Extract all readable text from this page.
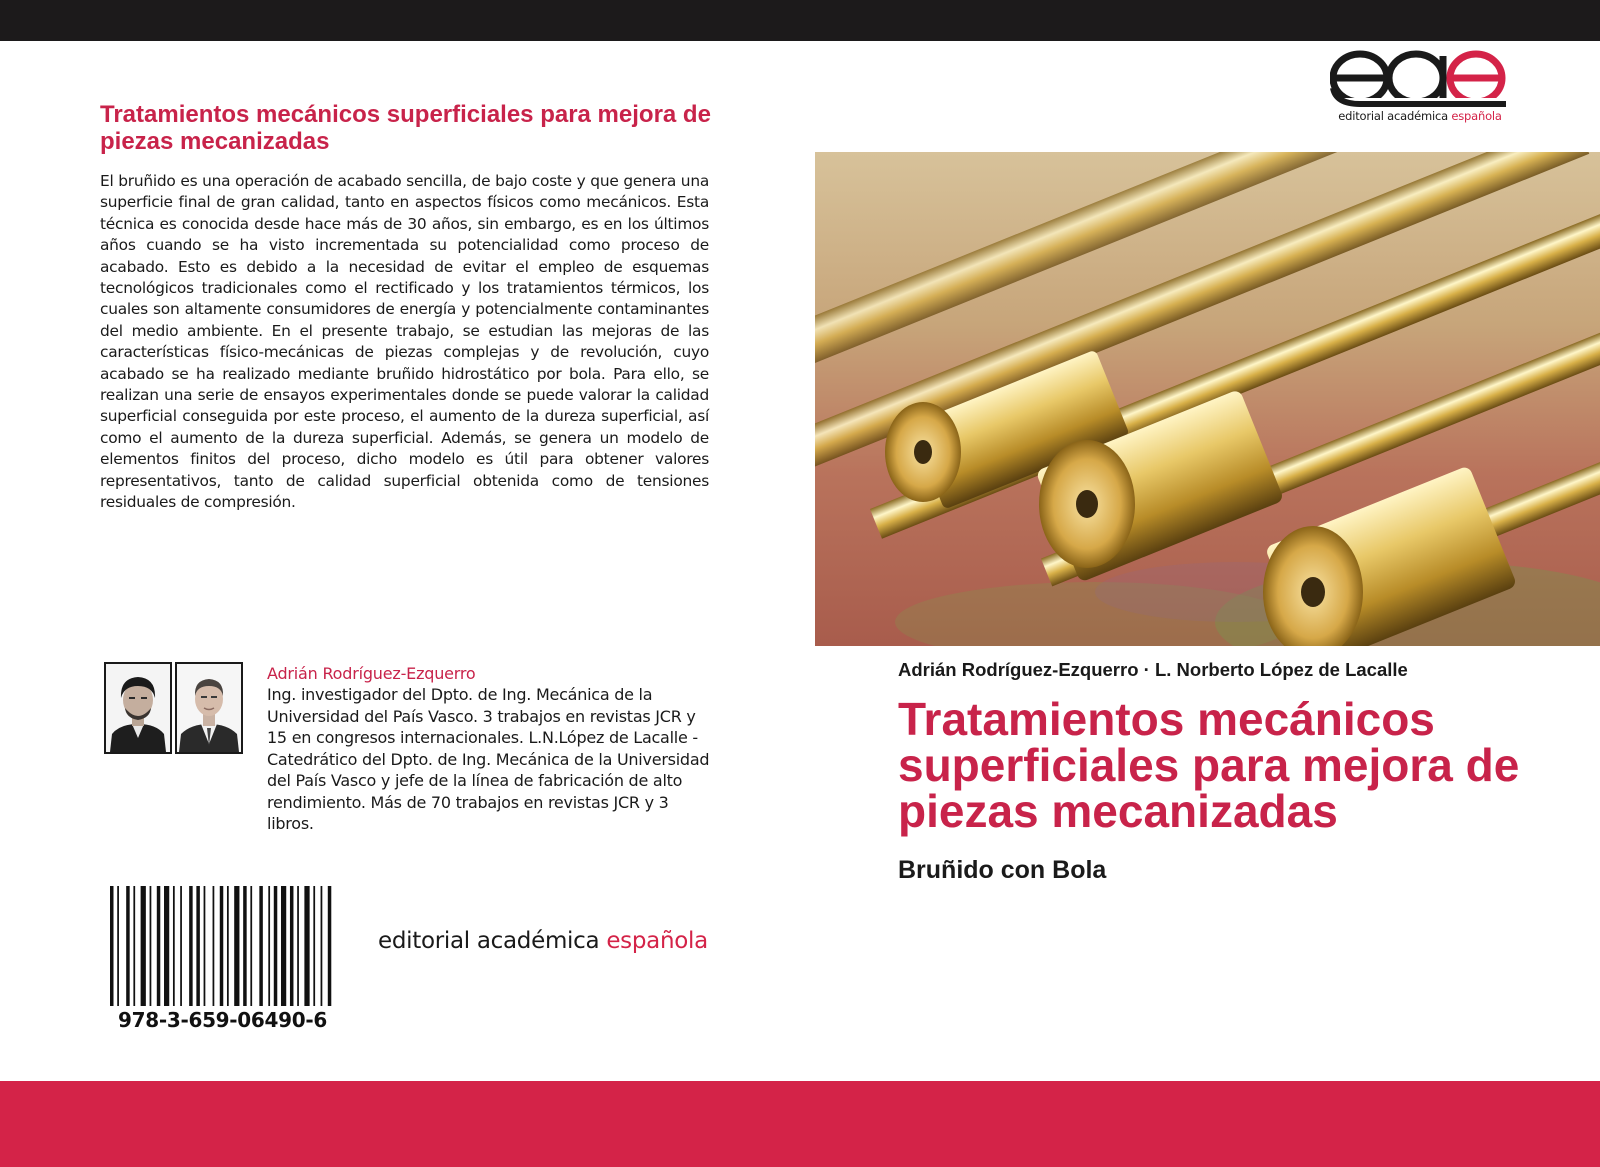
Tratamientos mecánicos superficiales para mejora de piezas mecanizadas

El bruñido es una operación de acabado sencilla, de bajo coste y que genera una superficie final de gran calidad, tanto en aspectos físicos como mecánicos. Esta técnica es conocida desde hace más de 30 años, sin embargo, es en los últimos años cuando se ha visto incrementada su potencialidad como proceso de acabado. Esto es debido a la necesidad de evitar el empleo de esquemas tecnológicos tradicionales como el rectificado y los tratamientos térmicos, los cuales son altamente consumidores de energía y potencialmente contaminantes del medio ambiente. En el presente trabajo, se estudian las mejoras de las características físico-mecánicas de piezas complejas y de revolución, cuyo acabado se ha realizado mediante bruñido hidrostático por bola. Para ello, se realizan una serie de ensayos experimentales donde se puede valorar la calidad superficial conseguida por este proceso, el aumento de la dureza superficial, así como el aumento de la dureza superficial. Además, se genera un modelo de elementos finitos del proceso, dicho modelo es útil para obtener valores representativos, tanto de calidad superficial obtenida como de tensiones residuales de compresión.

Adrián Rodríguez-Ezquerro

Ing. investigador del Dpto. de Ing. Mecánica de la Universidad del País Vasco. 3 trabajos en revistas JCR y 15 en congresos internacionales. L.N.López de Lacalle - Catedrático del Dpto. de Ing. Mecánica de la Universidad del País Vasco y jefe de la línea de fabricación de alto rendimiento. Más de 70 trabajos en revistas JCR y 3 libros.

978-3-659-06490-6

editorial académica española

editorial académica española

Adrián Rodríguez-Ezquerro · L. Norberto López de Lacalle

Tratamientos mecánicos superficiales para mejora de piezas mecanizadas

Bruñido con Bola
